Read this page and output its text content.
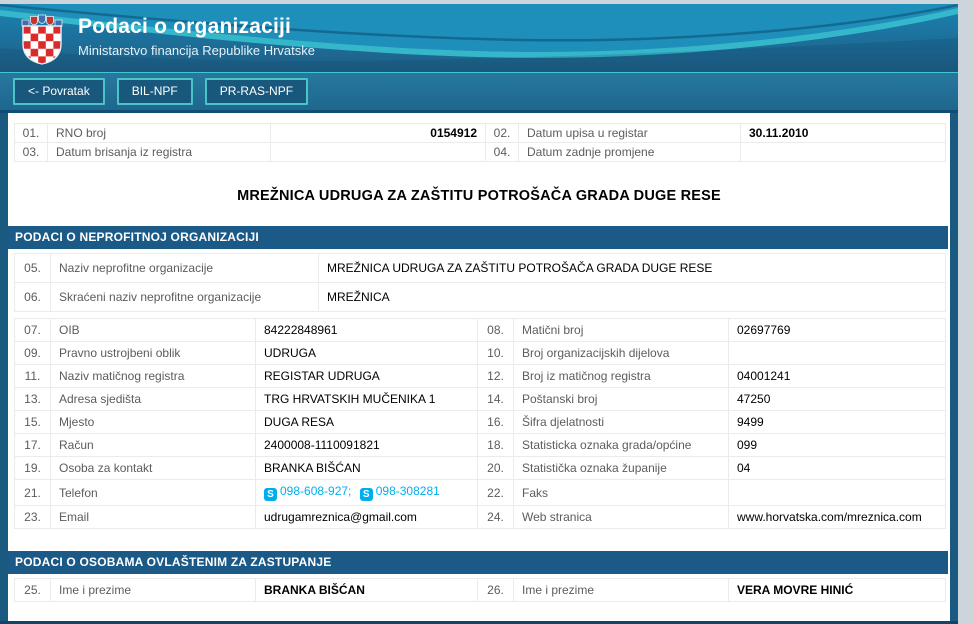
Podaci o organizaciji
Ministarstvo financija Republike Hrvatske
<- Povratak	BIL-NPF	PR-RAS-NPF
01.	RNO broj	0154912	02.	Datum upisa u registar	30.11.2010
03.	Datum brisanja iz registra		04.	Datum zadnje promjene	
MREŽNICA UDRUGA ZA ZAŠTITU POTROŠAČA GRADA DUGE RESE
PODACI O NEPROFITNOJ ORGANIZACIJI
05.	Naziv neprofitne organizacije	MREŽNICA UDRUGA ZA ZAŠTITU POTROŠAČA GRADA DUGE RESE
06.	Skraćeni naziv neprofitne organizacije	MREŽNICA
07.	OIB	84222848961	08.	Matični broj	02697769
09.	Pravno ustrojbeni oblik	UDRUGA	10.	Broj organizacijskih dijelova	
11.	Naziv matičnog registra	REGISTAR UDRUGA	12.	Broj iz matičnog registra	04001241
13.	Adresa sjedišta	TRG HRVATSKIH MUČENIKA 1	14.	Poštanski broj	47250
15.	Mjesto	DUGA RESA	16.	Šifra djelatnosti	9499
17.	Račun	2400008-1110091821	18.	Statisticka oznaka grada/općine	099
19.	Osoba za kontakt	BRANKA BIŠĆAN	20.	Statistička oznaka županije	04
21.	Telefon	S 098-608-927; S 098-308281	22.	Faks	
23.	Email	udrugamreznica@gmail.com	24.	Web stranica	www.horvatska.com/mreznica.com
PODACI O OSOBAMA OVLAŠTENIM ZA ZASTUPANJE
25.	Ime i prezime	BRANKA BIŠĆAN	26.	Ime i prezime	VERA MOVRE HINIĆ
